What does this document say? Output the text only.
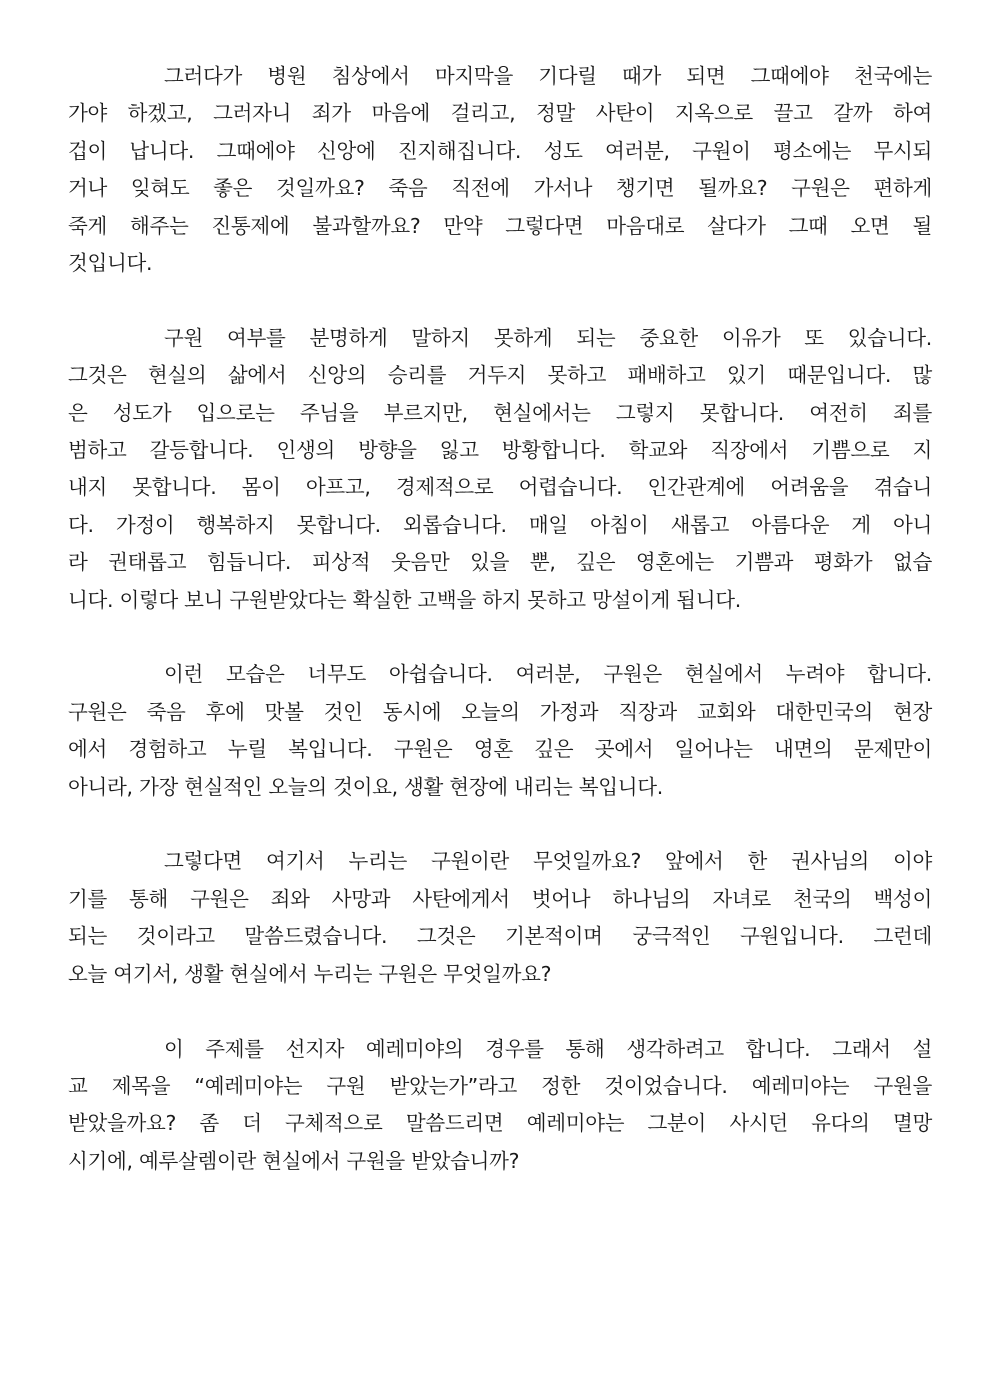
그러다가 병원 침상에서 마지막을 기다릴 때가 되면 그때에야 천국에는
가야 하겠고, 그러자니 죄가 마음에 걸리고, 정말 사탄이 지옥으로 끌고 갈까 하여
겁이 납니다. 그때에야 신앙에 진지해집니다. 성도 여러분, 구원이 평소에는 무시되
거나 잊혀도 좋은 것일까요? 죽음 직전에 가서나 챙기면 될까요? 구원은 편하게
죽게 해주는 진통제에 불과할까요? 만약 그렇다면 마음대로 살다가 그때 오면 될
것입니다.
구원 여부를 분명하게 말하지 못하게 되는 중요한 이유가 또 있습니다.
그것은 현실의 삶에서 신앙의 승리를 거두지 못하고 패배하고 있기 때문입니다. 많
은 성도가 입으로는 주님을 부르지만, 현실에서는 그렇지 못합니다. 여전히 죄를
범하고 갈등합니다. 인생의 방향을 잃고 방황합니다. 학교와 직장에서 기쁨으로 지
내지 못합니다. 몸이 아프고, 경제적으로 어렵습니다. 인간관계에 어려움을 겪습니
다. 가정이 행복하지 못합니다. 외롭습니다. 매일 아침이 새롭고 아름다운 게 아니
라 권태롭고 힘듭니다. 피상적 웃음만 있을 뿐, 깊은 영혼에는 기쁨과 평화가 없습
니다. 이렇다 보니 구원받았다는 확실한 고백을 하지 못하고 망설이게 됩니다.
이런 모습은 너무도 아쉽습니다. 여러분, 구원은 현실에서 누려야 합니다.
구원은 죽음 후에 맛볼 것인 동시에 오늘의 가정과 직장과 교회와 대한민국의 현장
에서 경험하고 누릴 복입니다. 구원은 영혼 깊은 곳에서 일어나는 내면의 문제만이
아니라, 가장 현실적인 오늘의 것이요, 생활 현장에 내리는 복입니다.
그렇다면 여기서 누리는 구원이란 무엇일까요? 앞에서 한 권사님의 이야
기를 통해 구원은 죄와 사망과 사탄에게서 벗어나 하나님의 자녀로 천국의 백성이
되는 것이라고 말씀드렸습니다. 그것은 기본적이며 궁극적인 구원입니다. 그런데
오늘 여기서, 생활 현실에서 누리는 구원은 무엇일까요?
이 주제를 선지자 예레미야의 경우를 통해 생각하려고 합니다. 그래서 설
교 제목을 “예레미야는 구원 받았는가”라고 정한 것이었습니다. 예레미야는 구원을
받았을까요? 좀 더 구체적으로 말씀드리면 예레미야는 그분이 사시던 유다의 멸망
시기에, 예루살렘이란 현실에서 구원을 받았습니까?
